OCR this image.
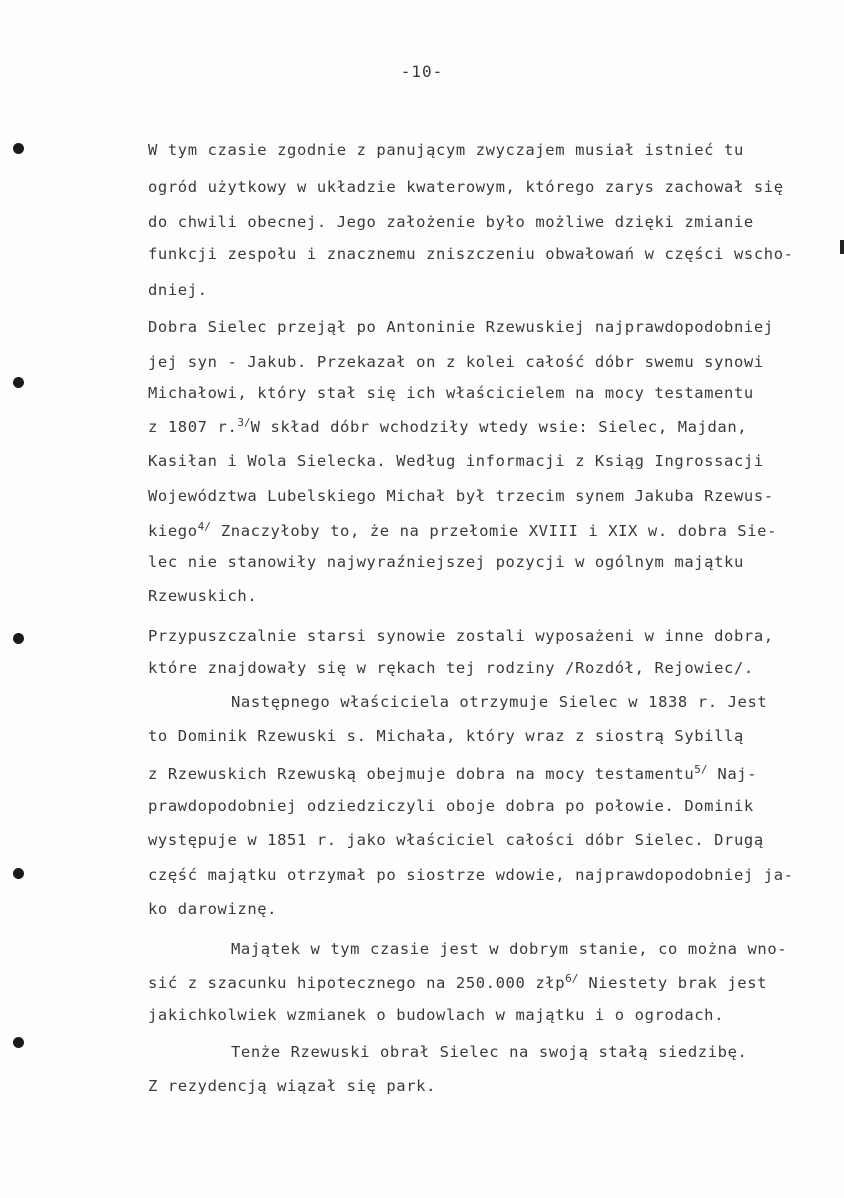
-10-
W tym czasie zgodnie z panującym zwyczajem musiał istnieć tu
ogród użytkowy w układzie kwaterowym, którego zarys zachował się
do chwili obecnej. Jego założenie było możliwe dzięki zmianie
funkcji zespołu i znacznemu zniszczeniu obwałowań w części wscho-
dniej.
Dobra Sielec przejął po Antoninie Rzewuskiej najprawdopodobniej
jej syn - Jakub. Przekazał on z kolei całość dóbr swemu synowi
Michałowi, który stał się ich właścicielem na mocy testamentu
z 1807 r.$^{3/}$W skład dóbr wchodziły wtedy wsie: Sielec, Majdan,
Kasiłan i Wola Sielecka. Według informacji z Ksiąg Ingrossacji
Województwa Lubelskiego Michał był trzecim synem Jakuba Rzewus-
kiego$^{4/}$ Znaczyłoby to, że na przełomie XVIII i XIX w. dobra Sie-
lec nie stanowiły najwyraźniejszej pozycji w ogólnym majątku
Rzewuskich.
Przypuszczalnie starsi synowie zostali wyposażeni w inne dobra,
które znajdowały się w rękach tej rodziny /Rozdół, Rejowiec/.
Następnego właściciela otrzymuje Sielec w 1838 r. Jest
to Dominik Rzewuski s. Michała, który wraz z siostrą Sybillą
z Rzewuskich Rzewuską obejmuje dobra na mocy testamentu$^{5/}$ Naj-
prawdopodobniej odziedziczyli oboje dobra po połowie. Dominik
występuje w 1851 r. jako właściciel całości dóbr Sielec. Drugą
część majątku otrzymał po siostrze wdowie, najprawdopodobniej ja-
ko darowiznę.
Majątek w tym czasie jest w dobrym stanie, co można wno-
sić z szacunku hipotecznego na 250.000 złp$^{6/}$ Niestety brak jest
jakichkolwiek wzmianek o budowlach w majątku i o ogrodach.
Tenże Rzewuski obrał Sielec na swoją stałą siedzibę.
Z rezydencją wiązał się park.
